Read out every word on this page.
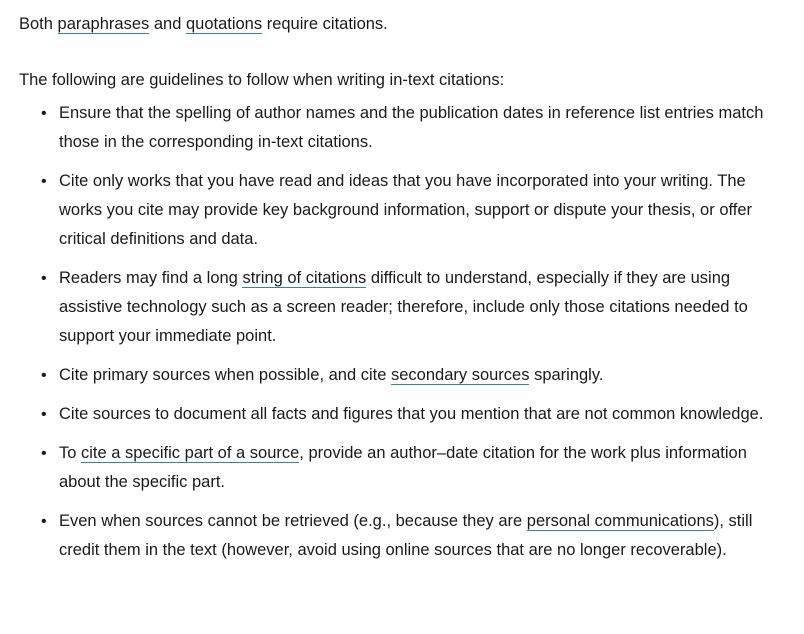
Both paraphrases and quotations require citations.

The following are guidelines to follow when writing in-text citations:

• Ensure that the spelling of author names and the publication dates in reference list entries match those in the corresponding in-text citations.
• Cite only works that you have read and ideas that you have incorporated into your writing. The works you cite may provide key background information, support or dispute your thesis, or offer critical definitions and data.
• Readers may find a long string of citations difficult to understand, especially if they are using assistive technology such as a screen reader; therefore, include only those citations needed to support your immediate point.
• Cite primary sources when possible, and cite secondary sources sparingly.
• Cite sources to document all facts and figures that you mention that are not common knowledge.
• To cite a specific part of a source, provide an author–date citation for the work plus information about the specific part.
• Even when sources cannot be retrieved (e.g., because they are personal communications), still credit them in the text (however, avoid using online sources that are no longer recoverable).
